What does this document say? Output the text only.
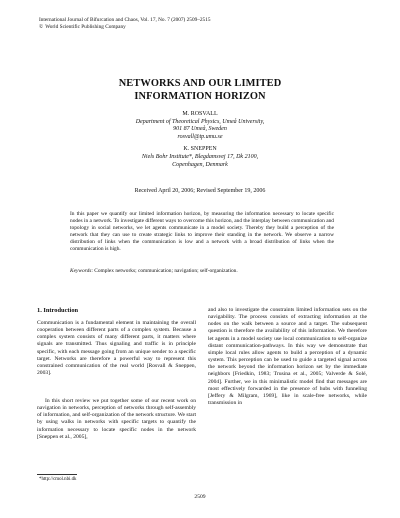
International Journal of Bifurcation and Chaos, Vol. 17, No. 7 (2007) 2509–2515
© World Scientific Publishing Company
NETWORKS AND OUR LIMITED
INFORMATION HORIZON
M. ROSVALL
Department of Theoretical Physics, Umeå University,
901 87 Umeå, Sweden
rosvall@tp.umu.se
K. SNEPPEN
Niels Bohr Institute*, Blegdamsvej 17, Dk 2100,
Copenhagen, Denmark
Received April 20, 2006; Revised September 19, 2006
In this paper we quantify our limited information horizon, by measuring the information necessary to locate specific nodes in a network. To investigate different ways to overcome this horizon, and the interplay between communication and topology in social networks, we let agents communicate in a model society. Thereby they build a perception of the network that they can use to create strategic links to improve their standing in the network. We observe a narrow distribution of links when the communication is low and a network with a broad distribution of links when the communication is high.
Keywords: Complex networks; communication; navigation; self-organization.
1. Introduction

Communication is a fundamental element in maintaining the overall cooperation between different parts of a complex system. Because a complex system consists of many different parts, it matters where signals are transmitted. Thus signaling and traffic is in principle specific, with each message going from an unique sender to a specific target. Networks are therefore a powerful way to represent this constrained communication of the real world [Rosvall & Sneppen, 2003].

In this short review we put together some of our recent work on navigation in networks, perception of networks through self-assembly of information, and self-organization of the network structure. We start by using walks in networks with specific targets to quantify the information necessary to locate specific nodes in the network [Sneppen et al., 2005],

and also to investigate the constraints limited information sets on the navigability. The process consists of extracting information at the nodes on the walk between a source and a target. The subsequent question is therefore the availability of this information. We therefore let agents in a model society use local communication to self-organize distant communication-pathways. In this way we demonstrate that simple local rules allow agents to build a perception of a dynamic system. This perception can be used to guide a targeted signal across the network beyond the information horizon set by the immediate neighbors [Friedkin, 1983; Trusina et al., 2005; Valverde & Solé, 2004]. Further, we in this minimalistic model find that messages are most effectively forwarded in the presence of hubs with funneling [Jeffery & Milgram, 1969], like in scale-free networks, while transmission in

*http://cmol.nbi.dk
2509
